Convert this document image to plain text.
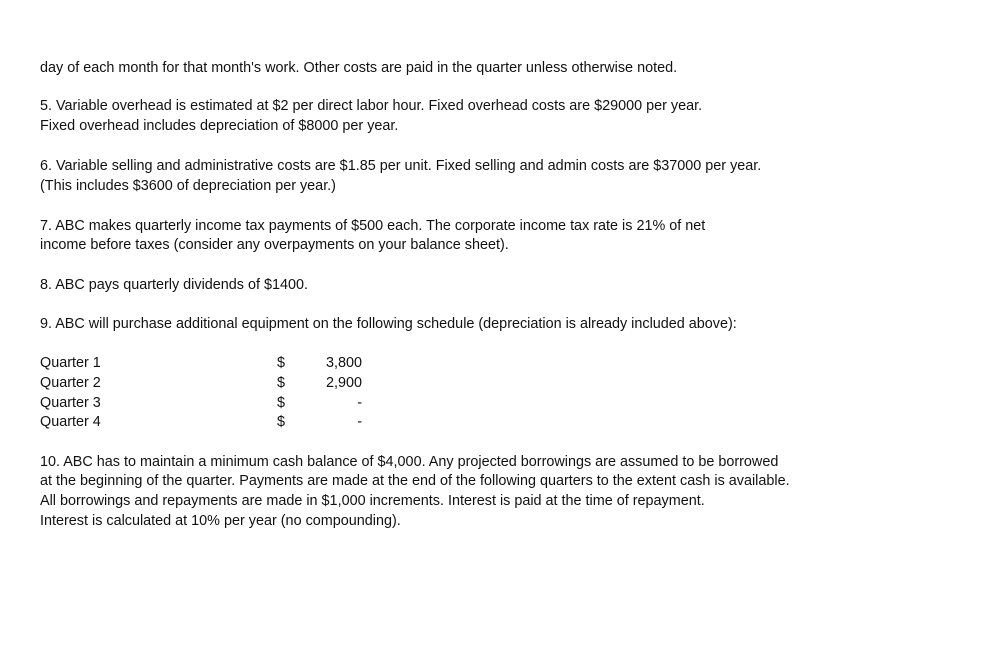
day of each month for that month's work. Other costs are paid in the quarter unless otherwise noted.
5. Variable overhead is estimated at $2 per direct labor hour. Fixed overhead costs are $29000 per year.
Fixed overhead includes depreciation of $8000 per year.
6. Variable selling and administrative costs are $1.85 per unit. Fixed selling and admin costs are $37000 per year.
(This includes $3600 of depreciation per year.)
7. ABC makes quarterly income tax payments of $500 each. The corporate income tax rate is 21% of net
income before taxes (consider any overpayments on your balance sheet).
8. ABC pays quarterly dividends of $1400.
9. ABC will purchase additional equipment on the following schedule (depreciation is already included above):
Quarter 1	$	3,800
Quarter 2	$	2,900
Quarter 3	$	-
Quarter 4	$	-
10. ABC has to maintain a minimum cash balance of $4,000. Any projected borrowings are assumed to be borrowed
at the beginning of the quarter. Payments are made at the end of the following quarters to the extent cash is available.
All borrowings and repayments are made in $1,000 increments. Interest is paid at the time of repayment.
Interest is calculated at 10% per year (no compounding).
